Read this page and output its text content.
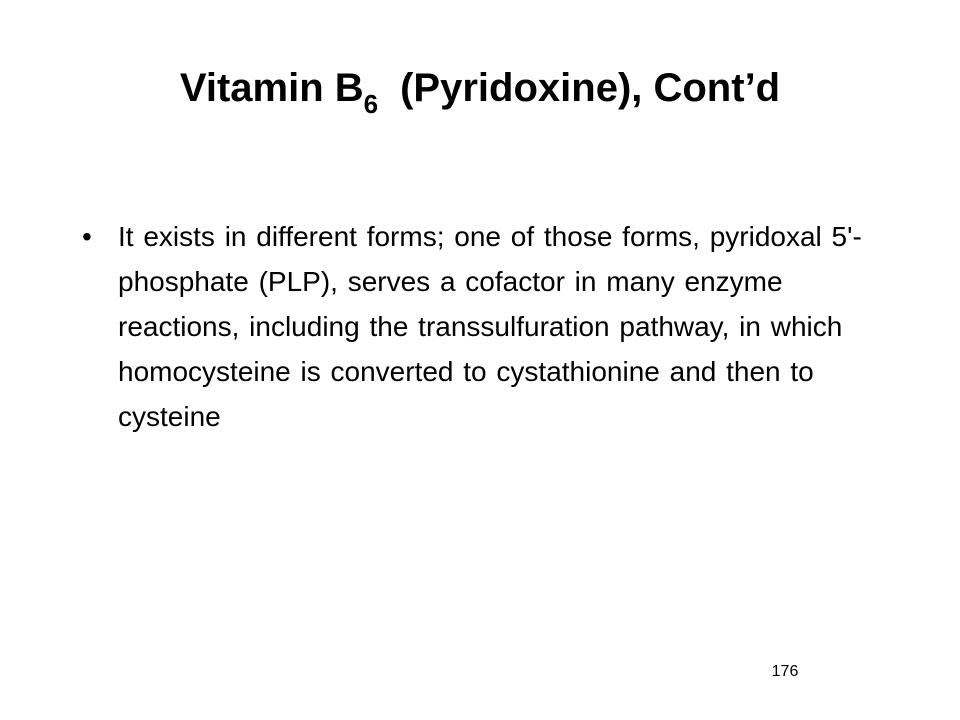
Vitamin $B_6$ (Pyridoxine), Cont’d
• It exists in different forms; one of those forms, pyridoxal 5'-phosphate (PLP), serves a cofactor in many enzyme reactions, including the transsulfuration pathway, in which homocysteine is converted to cystathionine and then to cysteine
176
